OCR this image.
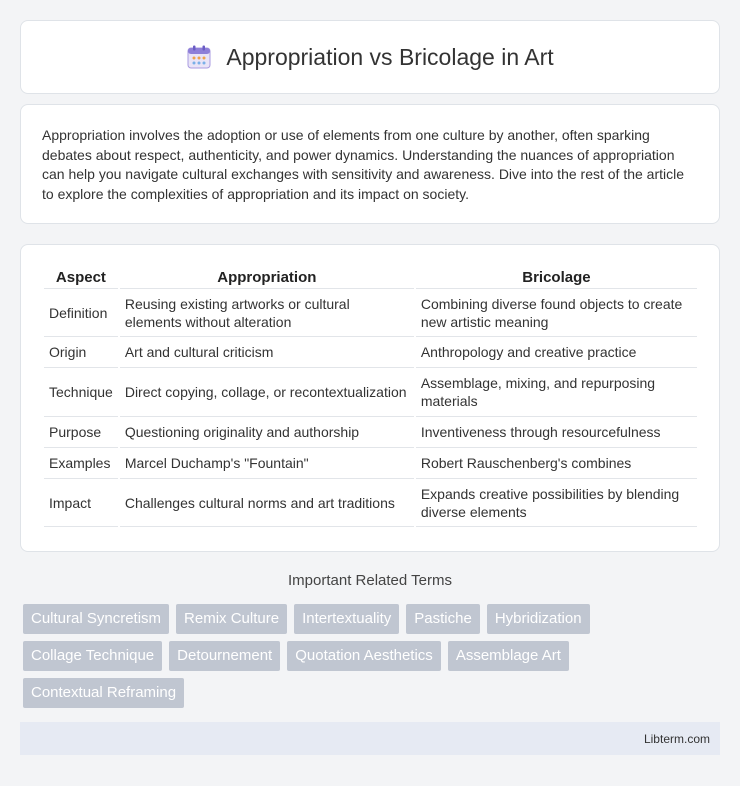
Appropriation vs Bricolage in Art

Appropriation involves the adoption or use of elements from one culture by another, often sparking debates about respect, authenticity, and power dynamics. Understanding the nuances of appropriation can help you navigate cultural exchanges with sensitivity and awareness. Dive into the rest of the article to explore the complexities of appropriation and its impact on society.

Aspect	Appropriation	Bricolage
Definition	Reusing existing artworks or cultural elements without alteration	Combining diverse found objects to create new artistic meaning
Origin	Art and cultural criticism	Anthropology and creative practice
Technique	Direct copying, collage, or recontextualization	Assemblage, mixing, and repurposing materials
Purpose	Questioning originality and authorship	Inventiveness through resourcefulness
Examples	Marcel Duchamp's "Fountain"	Robert Rauschenberg's combines
Impact	Challenges cultural norms and art traditions	Expands creative possibilities by blending diverse elements
Important Related Terms
Cultural Syncretism	Remix Culture	Intertextuality	Pastiche	Hybridization
Collage Technique	Detournement	Quotation Aesthetics	Assemblage Art
Contextual Reframing
Libterm.com
